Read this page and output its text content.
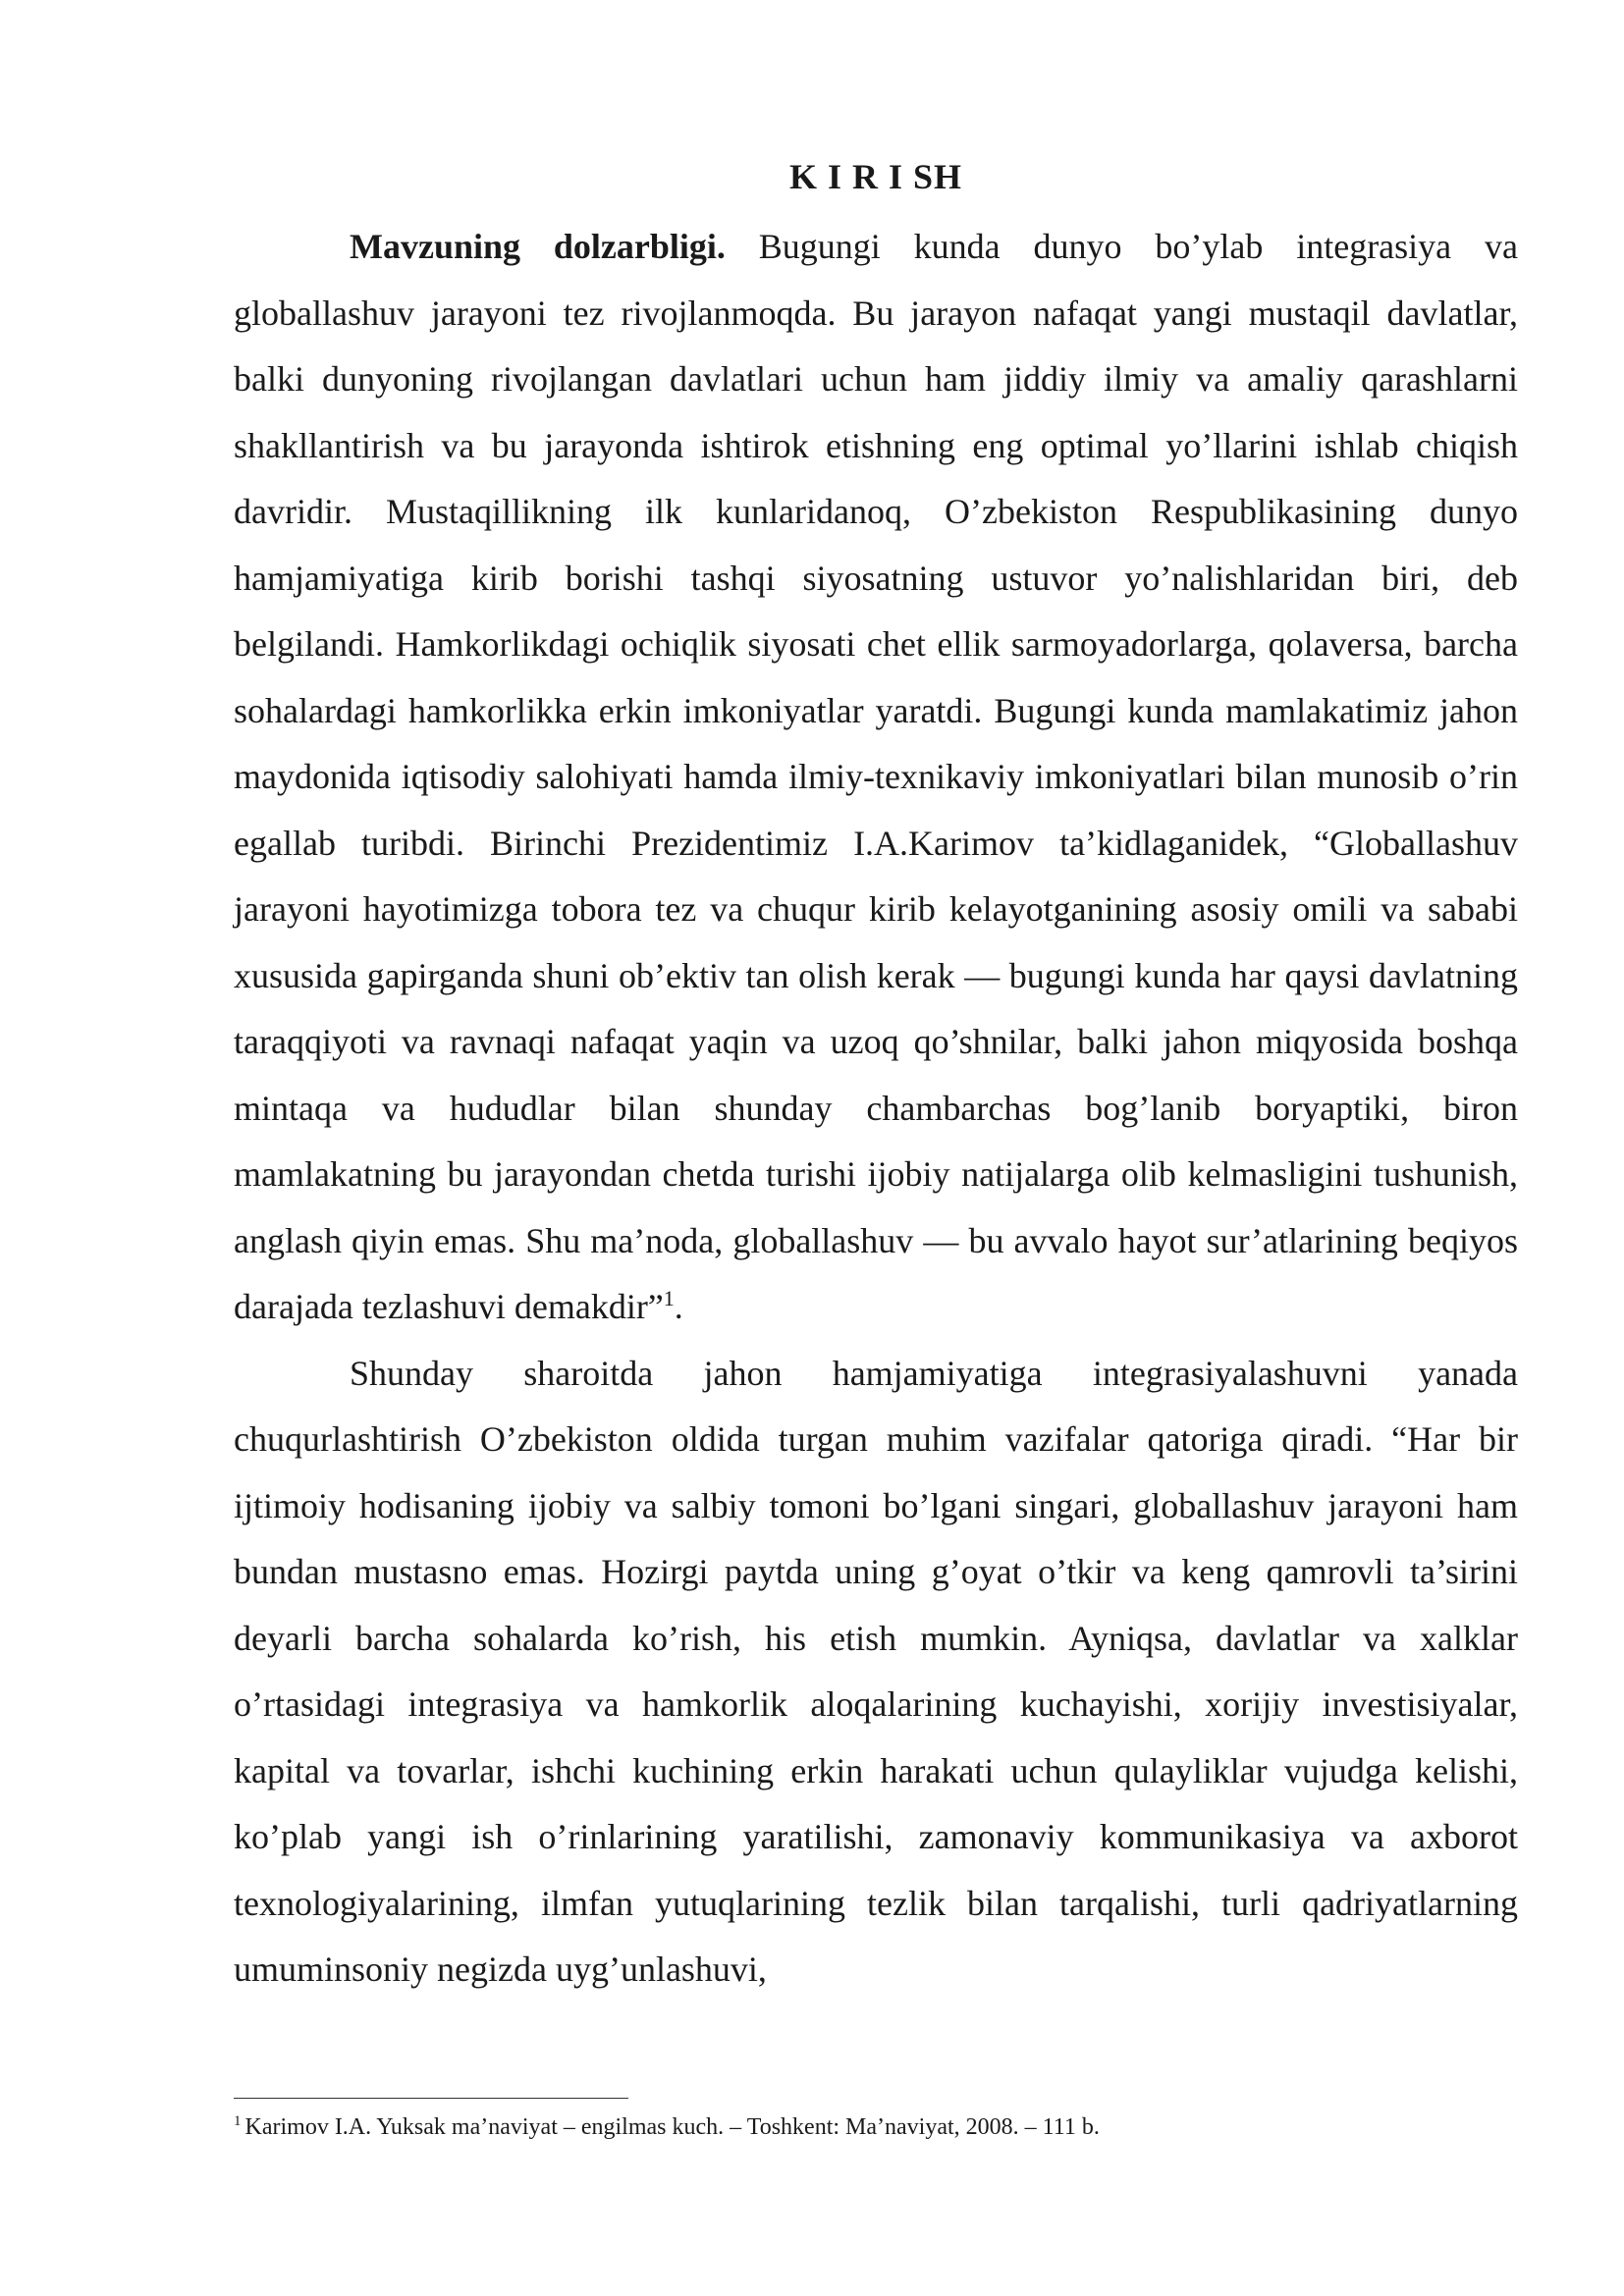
K I R I SH

Mavzuning dolzarbligi. Bugungi kunda dunyo bo’ylab integrasiya va globallashuv jarayoni tez rivojlanmoqda. Bu jarayon nafaqat yangi mustaqil davlatlar, balki dunyoning rivojlangan davlatlari uchun ham jiddiy ilmiy va amaliy qarashlarni shakllantirish va bu jarayonda ishtirok etishning eng optimal yo’llarini ishlab chiqish davridir. Mustaqillikning ilk kunlaridanoq, O’zbekiston Respublikasining dunyo hamjamiyatiga kirib borishi tashqi siyosatning ustuvor yo’nalishlaridan biri, deb belgilandi. Hamkorlikdagi ochiqlik siyosati chet ellik sarmoyadorlarga, qolaversa, barcha sohalardagi hamkorlikka erkin imkoniyatlar yaratdi. Bugungi kunda mamlakatimiz jahon maydonida iqtisodiy salohiyati hamda ilmiy-texnikaviy imkoniyatlari bilan munosib o’rin egallab turibdi. Birinchi Prezidentimiz I.A.Karimov ta’kidlaganidek, “Globallashuv jarayoni hayotimizga tobora tez va chuqur kirib kelayotganining asosiy omili va sababi xususida gapirganda shuni ob’ektiv tan olish kerak — bugungi kunda har qaysi davlatning taraqqiyoti va ravnaqi nafaqat yaqin va uzoq qo’shnilar, balki jahon miqyosida boshqa mintaqa va hududlar bilan shunday chambarchas bog’lanib boryaptiki, biron mamlakatning bu jarayondan chetda turishi ijobiy natijalarga olib kelmasligini tushunish, anglash qiyin emas. Shu ma’noda, globallashuv — bu avvalo hayot sur’atlarining beqiyos darajada tezlashuvi demakdir”$^1$.

Shunday sharoitda jahon hamjamiyatiga integrasiyalashuvni yanada chuqurlashtirish O’zbekiston oldida turgan muhim vazifalar qatoriga qiradi. “Har bir ijtimoiy hodisaning ijobiy va salbiy tomoni bo’lgani singari, globallashuv jarayoni ham bundan mustasno emas. Hozirgi paytda uning g’oyat o’tkir va keng qamrovli ta’sirini deyarli barcha sohalarda ko’rish, his etish mumkin. Ayniqsa, davlatlar va xalklar o’rtasidagi integrasiya va hamkorlik aloqalarining kuchayishi, xorijiy investisiyalar, kapital va tovarlar, ishchi kuchining erkin harakati uchun qulayliklar vujudga kelishi, ko’plab yangi ish o’rinlarining yaratilishi, zamonaviy kommunikasiya va axborot texnologiyalarining, ilmfan yutuqlarining tezlik bilan tarqalishi, turli qadriyatlarning umuminsoniy negizda uyg’unlashuvi,

$^1$ Karimov I.A. Yuksak ma’naviyat – engilmas kuch. – Toshkent: Ma’naviyat, 2008. – 111 b.
